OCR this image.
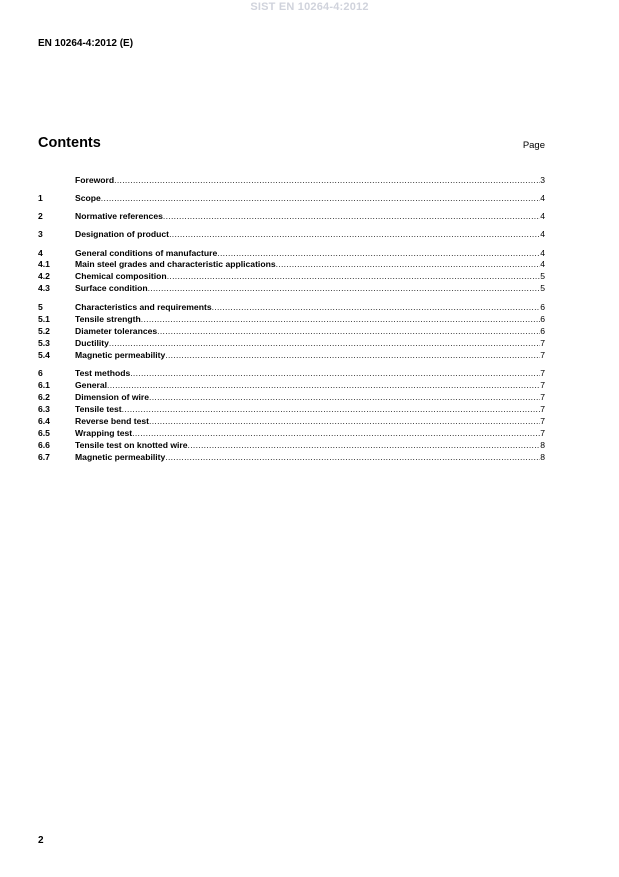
SIST EN 10264-4:2012
EN 10264-4:2012 (E)
Contents	Page
Foreword .....	3
1	Scope .....	4
2	Normative references .....	4
3	Designation of product .....	4
4	General conditions of manufacture .....	4
4.1	Main steel grades and characteristic applications .....	4
4.2	Chemical composition .....	5
4.3	Surface condition .....	5
5	Characteristics and requirements .....	6
5.1	Tensile strength .....	6
5.2	Diameter tolerances .....	6
5.3	Ductility .....	7
5.4	Magnetic permeability .....	7
6	Test methods .....	7
6.1	General .....	7
6.2	Dimension of wire .....	7
6.3	Tensile test .....	7
6.4	Reverse bend test .....	7
6.5	Wrapping test .....	7
6.6	Tensile test on knotted wire .....	8
6.7	Magnetic permeability .....	8
2
